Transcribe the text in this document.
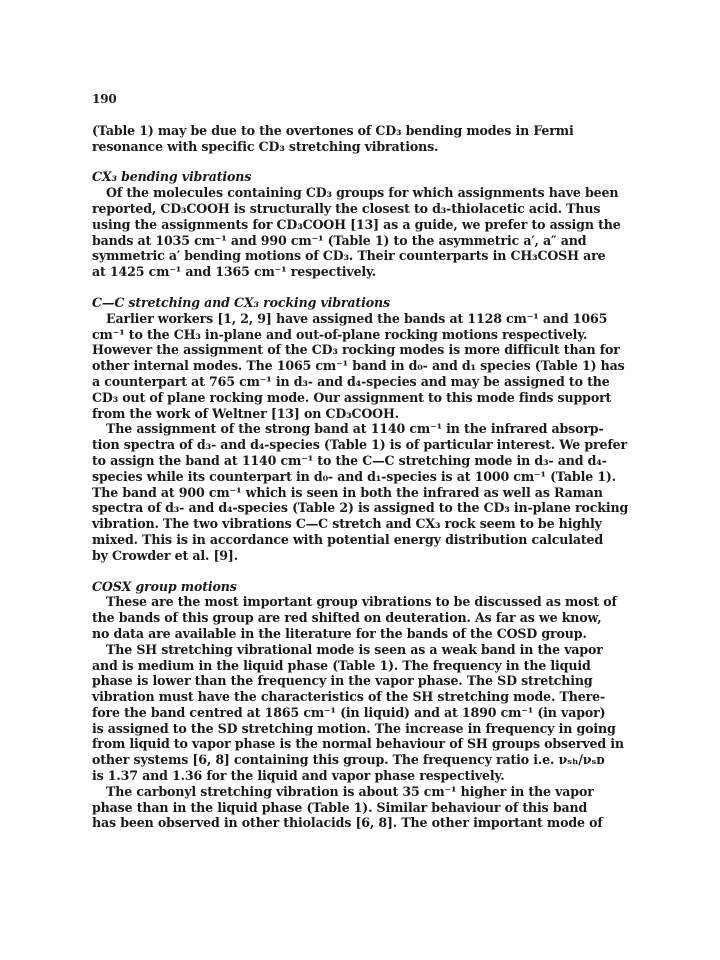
190
(Table 1) may be due to the overtones of CD₃ bending modes in Fermi
resonance with specific CD₃ stretching vibrations.
CX₃ bending vibrations
Of the molecules containing CD₃ groups for which assignments have been
reported, CD₃COOH is structurally the closest to d₃-thiolacetic acid. Thus
using the assignments for CD₃COOH [13] as a guide, we prefer to assign the
bands at 1035 cm⁻¹ and 990 cm⁻¹ (Table 1) to the asymmetric a′, a″ and
symmetric a′ bending motions of CD₃. Their counterparts in CH₃COSH are
at 1425 cm⁻¹ and 1365 cm⁻¹ respectively.
C—C stretching and CX₃ rocking vibrations
Earlier workers [1, 2, 9] have assigned the bands at 1128 cm⁻¹ and 1065
cm⁻¹ to the CH₃ in-plane and out-of-plane rocking motions respectively.
However the assignment of the CD₃ rocking modes is more difficult than for
other internal modes. The 1065 cm⁻¹ band in d₀- and d₁ species (Table 1) has
a counterpart at 765 cm⁻¹ in d₃- and d₄-species and may be assigned to the
CD₃ out of plane rocking mode. Our assignment to this mode finds support
from the work of Weltner [13] on CD₃COOH.
The assignment of the strong band at 1140 cm⁻¹ in the infrared absorp-
tion spectra of d₃- and d₄-species (Table 1) is of particular interest. We prefer
to assign the band at 1140 cm⁻¹ to the C—C stretching mode in d₃- and d₄-
species while its counterpart in d₀- and d₁-species is at 1000 cm⁻¹ (Table 1).
The band at 900 cm⁻¹ which is seen in both the infrared as well as Raman
spectra of d₃- and d₄-species (Table 2) is assigned to the CD₃ in-plane rocking
vibration. The two vibrations C—C stretch and CX₃ rock seem to be highly
mixed. This is in accordance with potential energy distribution calculated
by Crowder et al. [9].
COSX group motions
These are the most important group vibrations to be discussed as most of
the bands of this group are red shifted on deuteration. As far as we know,
no data are available in the literature for the bands of the COSD group.
The SH stretching vibrational mode is seen as a weak band in the vapor
and is medium in the liquid phase (Table 1). The frequency in the liquid
phase is lower than the frequency in the vapor phase. The SD stretching
vibration must have the characteristics of the SH stretching mode. There-
fore the band centred at 1865 cm⁻¹ (in liquid) and at 1890 cm⁻¹ (in vapor)
is assigned to the SD stretching motion. The increase in frequency in going
from liquid to vapor phase is the normal behaviour of SH groups observed in
other systems [6, 8] containing this group. The frequency ratio i.e. νₛₕ/νₛᴅ
is 1.37 and 1.36 for the liquid and vapor phase respectively.
The carbonyl stretching vibration is about 35 cm⁻¹ higher in the vapor
phase than in the liquid phase (Table 1). Similar behaviour of this band
has been observed in other thiolacids [6, 8]. The other important mode of
